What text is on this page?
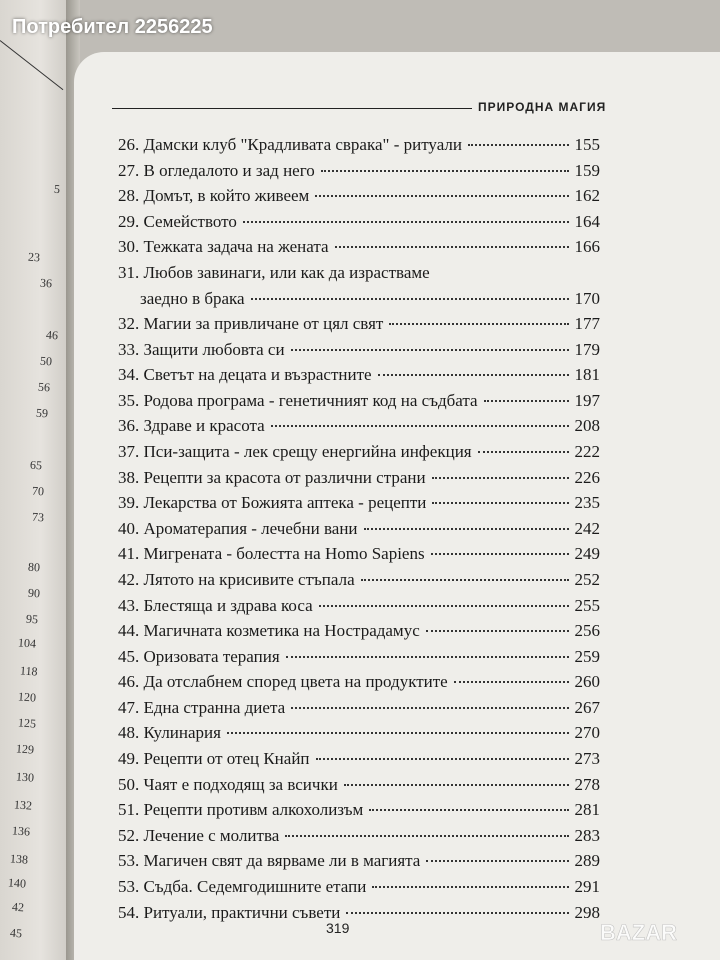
5
23
36
46
50
56
59
65
70
73
80
90
95
104
118
120
125
129
130
132
136
138
140
42
45
Потребител 2256225
ПРИРОДНА МАГИЯ
26. Дамски клуб "Крадливата сврака" - ритуали	155
27. В огледалото и зад него	159
28. Домът, в който живеем	162
29. Семейството	164
30. Тежката задача на жената	166
31. Любов завинаги, или как да израстваме
заедно в брака	170
32. Магии за привличане от цял свят	177
33. Защити любовта си	179
34. Светът на децата и възрастните	181
35. Родова програма - генетичният код на съдбата	197
36. Здраве и красота	208
37. Пси-защита - лек срещу енергийна инфекция	222
38. Рецепти за красота от различни страни	226
39. Лекарства от Божията аптека - рецепти	235
40. Ароматерапия - лечебни вани	242
41. Мигрената - болестта на Homo Sapiens	249
42. Лятото на крисивите стъпала	252
43. Блестяща и здрава коса	255
44. Магичната козметика на Нострадамус	256
45. Оризовата терапия	259
46. Да отслабнем според цвета на продуктите	260
47. Една странна диета	267
48. Кулинария	270
49. Рецепти от отец Кнайп	273
50. Чаят е подходящ за всички	278
51. Рецепти противм алкохолизъм	281
52. Лечение с молитва	283
53. Магичен свят да вярваме ли в магията	289
53. Съдба. Седемгодишните етапи	291
54. Ритуали, практични съвети	298
319	BAZAR
